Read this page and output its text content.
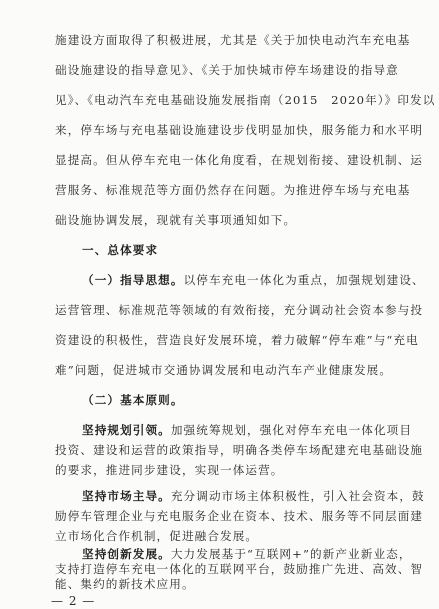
施建设方面取得了积极进展，尤其是《关于加快电动汽车充电基
础设施建设的指导意见》、《关于加快城市停车场建设的指导意
见》、《电动汽车充电基础设施发展指南（2015　2020年）》印发以
来，停车场与充电基础设施建设步伐明显加快，服务能力和水平明
显提高。但从停车充电一体化角度看，在规划衔接、建设机制、运
营服务、标准规范等方面仍然存在问题。为推进停车场与充电基
础设施协调发展，现就有关事项通知如下。
一、总体要求
（一）指导思想。以停车充电一体化为重点，加强规划建设、
运营管理、标准规范等领域的有效衔接，充分调动社会资本参与投
资建设的积极性，营造良好发展环境，着力破解“停车难”与“充电
难”问题，促进城市交通协调发展和电动汽车产业健康发展。
（二）基本原则。
坚持规划引领。加强统筹规划，强化对停车充电一体化项目
投资、建设和运营的政策指导，明确各类停车场配建充电基础设施
的要求，推进同步建设，实现一体运营。
坚持市场主导。充分调动市场主体积极性，引入社会资本，鼓
励停车管理企业与充电服务企业在资本、技术、服务等不同层面建
立市场化合作机制，促进融合发展。
坚持创新发展。大力发展基于“互联网+”的新产业新业态，
支持打造停车充电一体化的互联网平台，鼓励推广先进、高效、智
能、集约的新技术应用。
— 2 —
